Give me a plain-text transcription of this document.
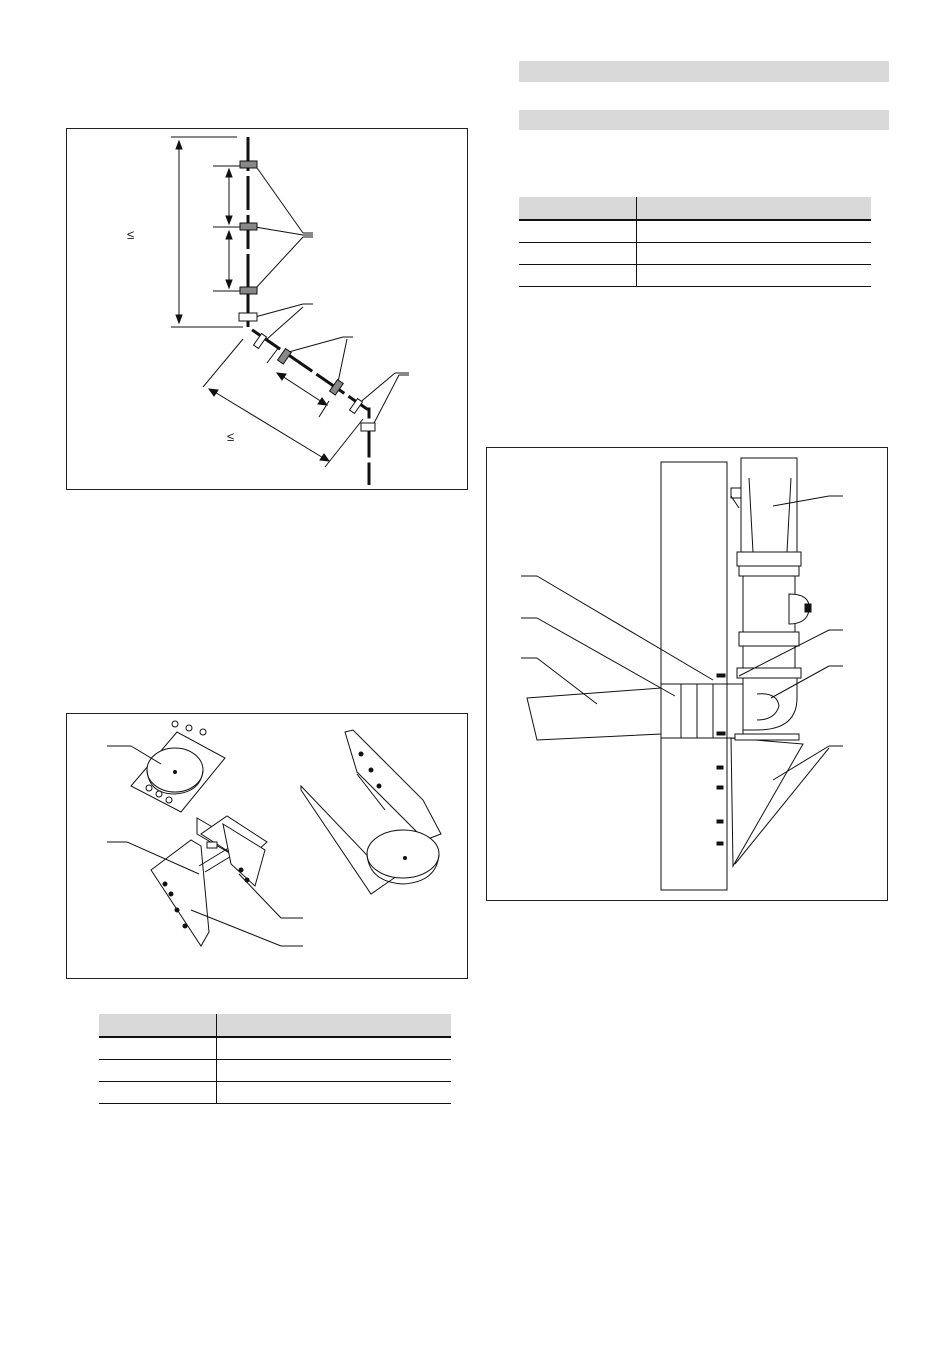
≤
≤
